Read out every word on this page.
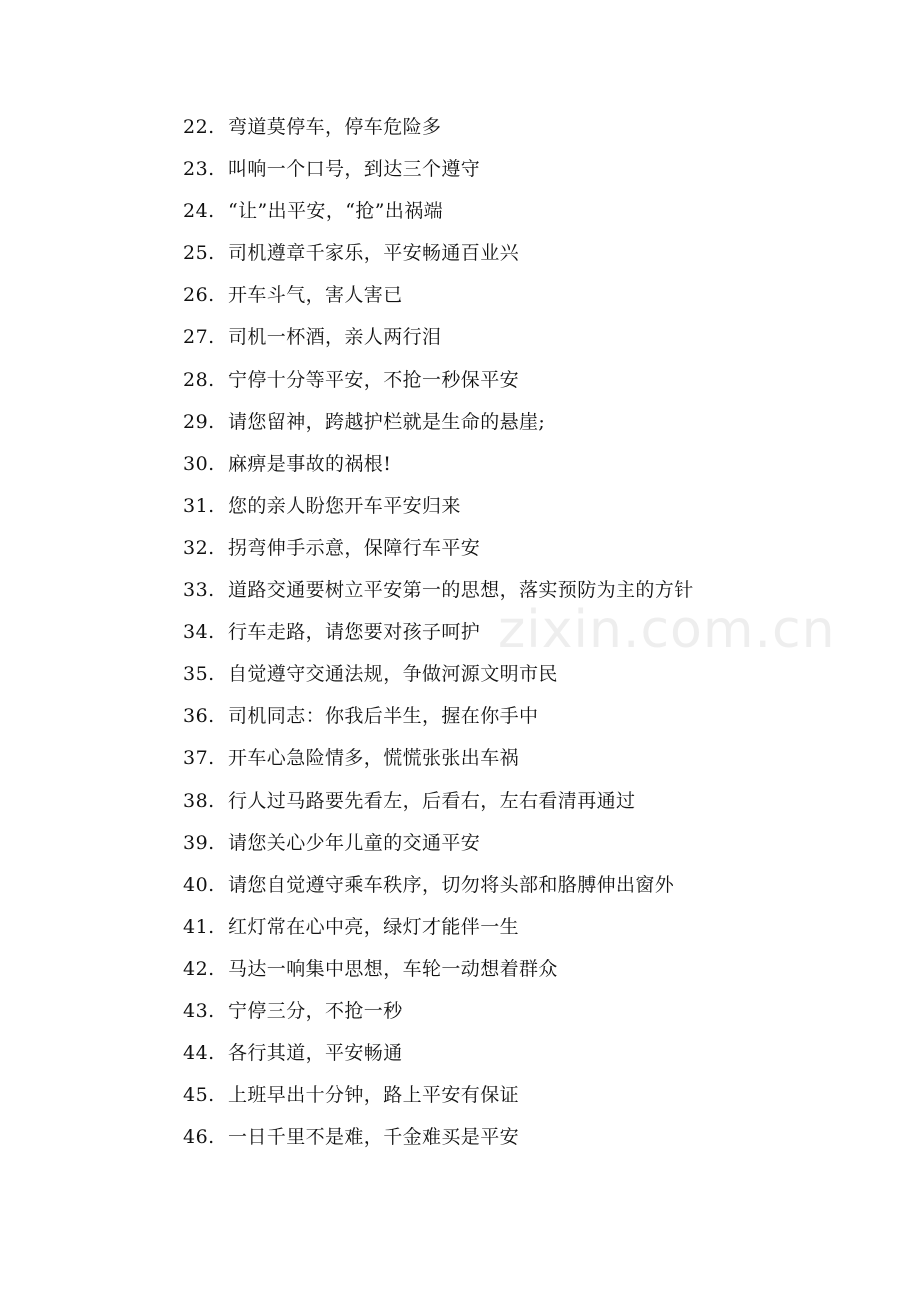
22. 弯道莫停车，停车危险多
23. 叫响一个口号，到达三个遵守
24. “让”出平安，“抢”出祸端
25. 司机遵章千家乐，平安畅通百业兴
26. 开车斗气，害人害已
27. 司机一杯酒，亲人两行泪
28. 宁停十分等平安，不抢一秒保平安
29. 请您留神，跨越护栏就是生命的悬崖;
30. 麻痹是事故的祸根!
31. 您的亲人盼您开车平安归来
32. 拐弯伸手示意，保障行车平安
33. 道路交通要树立平安第一的思想，落实预防为主的方针
34. 行车走路，请您要对孩子呵护
35. 自觉遵守交通法规，争做河源文明市民
36. 司机同志：你我后半生，握在你手中
37. 开车心急险情多，慌慌张张出车祸
38. 行人过马路要先看左，后看右，左右看清再通过
39. 请您关心少年儿童的交通平安
40. 请您自觉遵守乘车秩序，切勿将头部和胳膊伸出窗外
41. 红灯常在心中亮，绿灯才能伴一生
42. 马达一响集中思想，车轮一动想着群众
43. 宁停三分，不抢一秒
44. 各行其道，平安畅通
45. 上班早出十分钟，路上平安有保证
46. 一日千里不是难，千金难买是平安
zixin.com.cn
